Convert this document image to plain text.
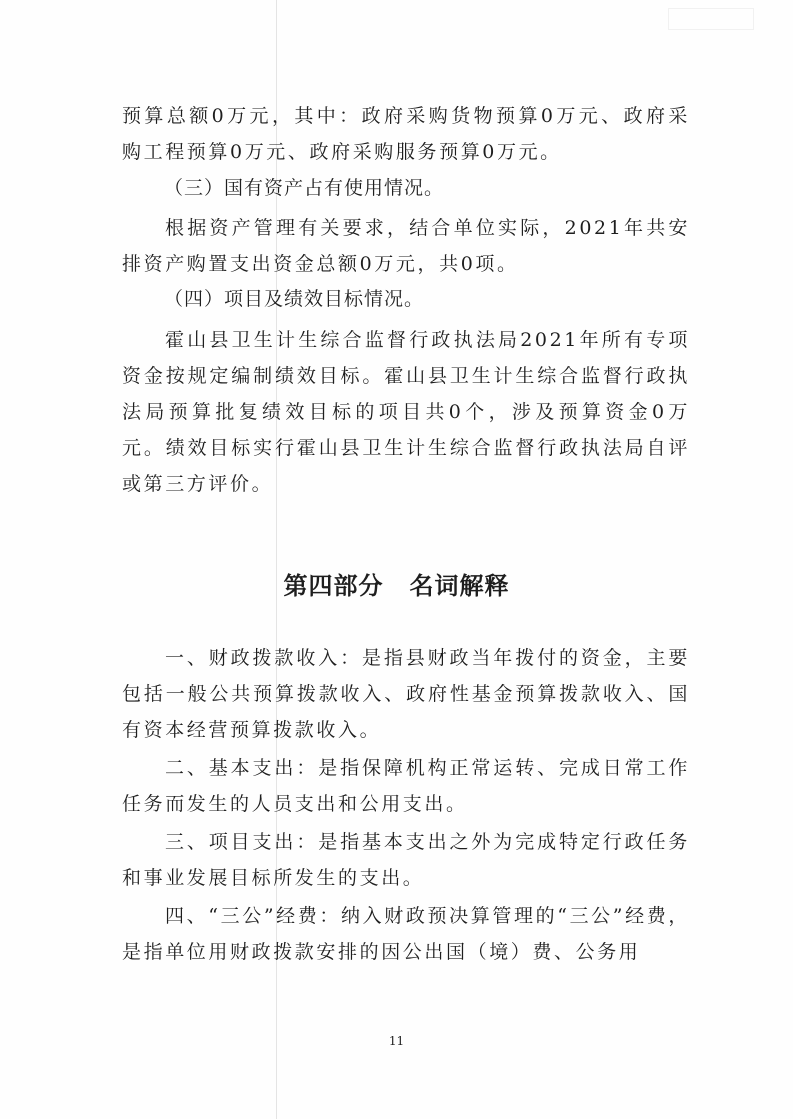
预算总额0万元，其中：政府采购货物预算0万元、政府采购工程预算0万元、政府采购服务预算0万元。

（三）国有资产占有使用情况。

根据资产管理有关要求，结合单位实际，2021年共安排资产购置支出资金总额0万元，共0项。

（四）项目及绩效目标情况。

霍山县卫生计生综合监督行政执法局2021年所有专项资金按规定编制绩效目标。霍山县卫生计生综合监督行政执法局预算批复绩效目标的项目共0个，涉及预算资金0万元。绩效目标实行霍山县卫生计生综合监督行政执法局自评或第三方评价。

第四部分 名词解释

一、财政拨款收入：是指县财政当年拨付的资金，主要包括一般公共预算拨款收入、政府性基金预算拨款收入、国有资本经营预算拨款收入。

二、基本支出：是指保障机构正常运转、完成日常工作任务而发生的人员支出和公用支出。

三、项目支出：是指基本支出之外为完成特定行政任务和事业发展目标所发生的支出。

四、“三公”经费：纳入财政预决算管理的“三公”经费，是指单位用财政拨款安排的因公出国（境）费、公务用

11
